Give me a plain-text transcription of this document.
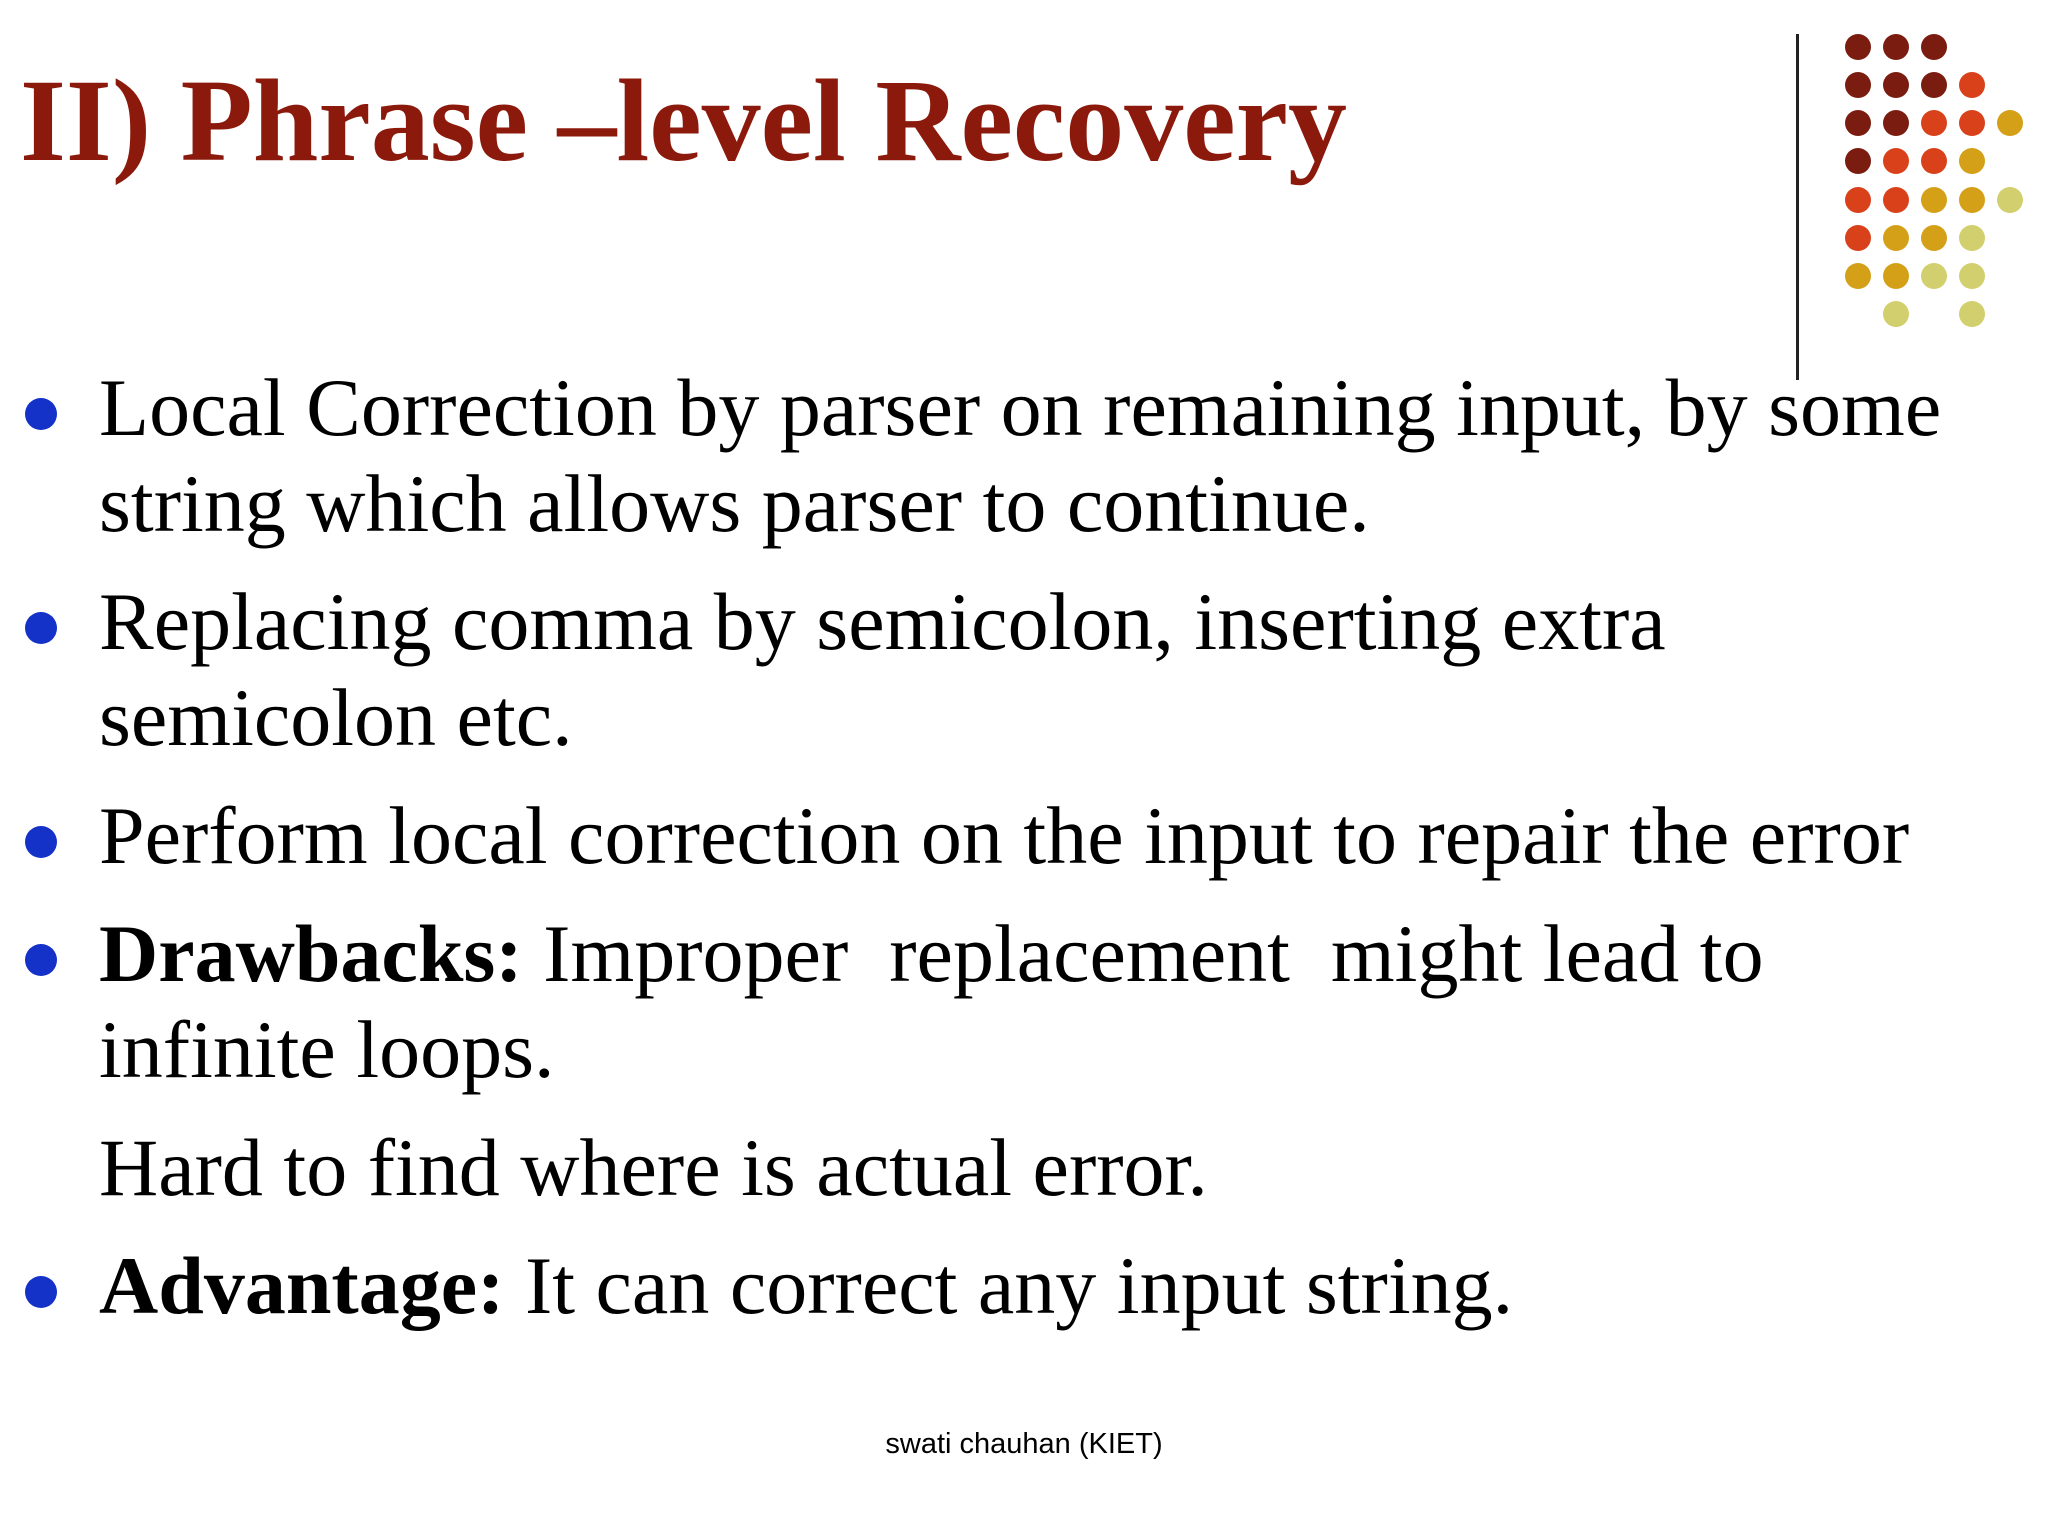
II) Phrase –level Recovery
Local Correction by parser on remaining input, by some string which allows parser to continue.
Replacing comma by semicolon, inserting extra semicolon etc.
Perform local correction on the input to repair the error
Drawbacks: Improper  replacement  might lead to infinite loops.
Hard to find where is actual error.
Advantage: It can correct any input string.
swati chauhan (KIET)
